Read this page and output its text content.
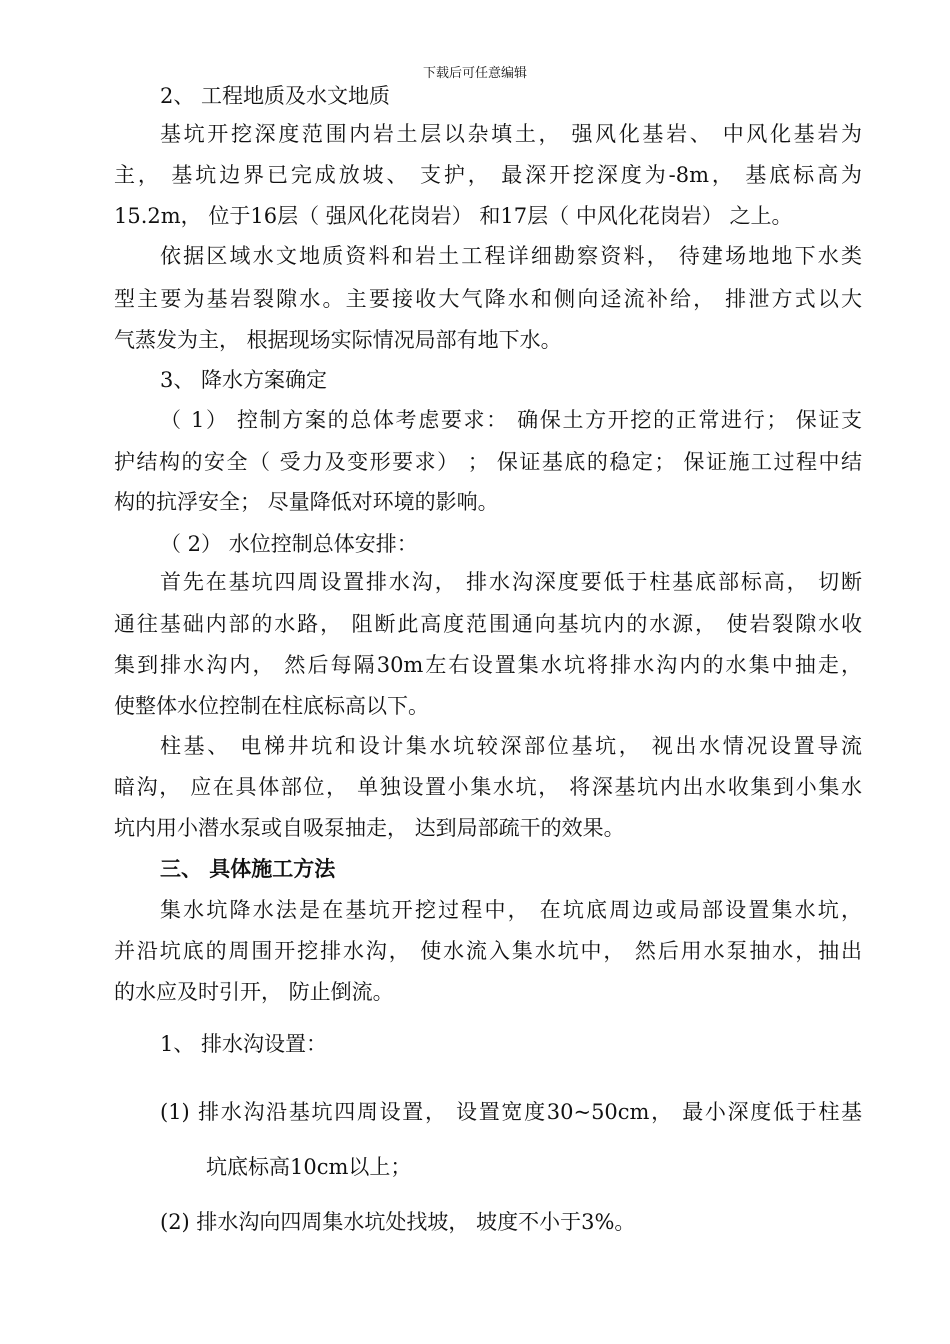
下载后可任意编辑
2、 工程地质及水文地质
基坑开挖深度范围内岩土层以杂填土， 强风化基岩、 中风化基岩为
主， 基坑边界已完成放坡、 支护， 最深开挖深度为-8m， 基底标高为
15.2m， 位于16层（ 强风化花岗岩） 和17层（ 中风化花岗岩） 之上。
依据区域水文地质资料和岩土工程详细勘察资料， 待建场地地下水类
型主要为基岩裂隙水。主要接收大气降水和侧向迳流补给， 排泄方式以大
气蒸发为主， 根据现场实际情况局部有地下水。
3、 降水方案确定
（ 1） 控制方案的总体考虑要求： 确保土方开挖的正常进行； 保证支
护结构的安全（ 受力及变形要求） ； 保证基底的稳定； 保证施工过程中结
构的抗浮安全； 尽量降低对环境的影响。
（ 2） 水位控制总体安排：
首先在基坑四周设置排水沟， 排水沟深度要低于柱基底部标高， 切断
通往基础内部的水路， 阻断此高度范围通向基坑内的水源， 使岩裂隙水收
集到排水沟内， 然后每隔30m左右设置集水坑将排水沟内的水集中抽走，
使整体水位控制在柱底标高以下。
柱基、 电梯井坑和设计集水坑较深部位基坑， 视出水情况设置导流
暗沟， 应在具体部位， 单独设置小集水坑， 将深基坑内出水收集到小集水
坑内用小潜水泵或自吸泵抽走， 达到局部疏干的效果。
三、 具体施工方法
集水坑降水法是在基坑开挖过程中， 在坑底周边或局部设置集水坑，
并沿坑底的周围开挖排水沟， 使水流入集水坑中， 然后用水泵抽水，抽出
的水应及时引开， 防止倒流。
1、 排水沟设置：
(1) 排水沟沿基坑四周设置， 设置宽度30~50cm， 最小深度低于柱基
坑底标高10cm以上；
(2) 排水沟向四周集水坑处找坡， 坡度不小于3%。
